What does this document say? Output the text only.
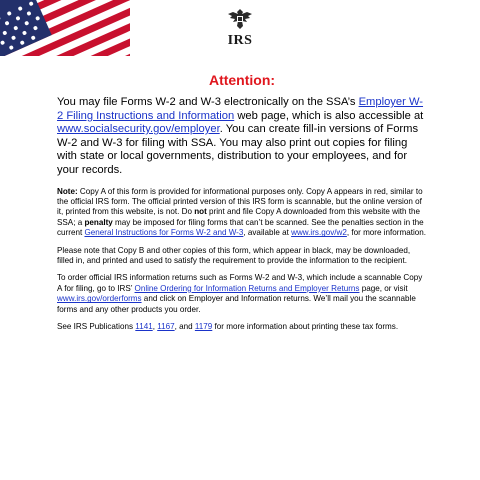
IRS
Attention:

You may file Forms W-2 and W-3 electronically on the SSA’s Employer W-2 Filing Instructions and Information web page, which is also accessible at www.socialsecurity.gov/employer. You can create fill-in versions of Forms W-2 and W-3 for filing with SSA. You may also print out copies for filing with state or local governments, distribution to your employees, and for your records.

Note: Copy A of this form is provided for informational purposes only. Copy A appears in red, similar to the official IRS form. The official printed version of this IRS form is scannable, but the online version of it, printed from this website, is not. Do not print and file Copy A downloaded from this website with the SSA; a penalty may be imposed for filing forms that can’t be scanned. See the penalties section in the current General Instructions for Forms W-2 and W-3, available at www.irs.gov/w2, for more information.

Please note that Copy B and other copies of this form, which appear in black, may be downloaded, filled in, and printed and used to satisfy the requirement to provide the information to the recipient.

To order official IRS information returns such as Forms W-2 and W-3, which include a scannable Copy A for filing, go to IRS’ Online Ordering for Information Returns and Employer Returns page, or visit www.irs.gov/orderforms and click on Employer and Information returns. We’ll mail you the scannable forms and any other products you order.

See IRS Publications 1141, 1167, and 1179 for more information about printing these tax forms.
